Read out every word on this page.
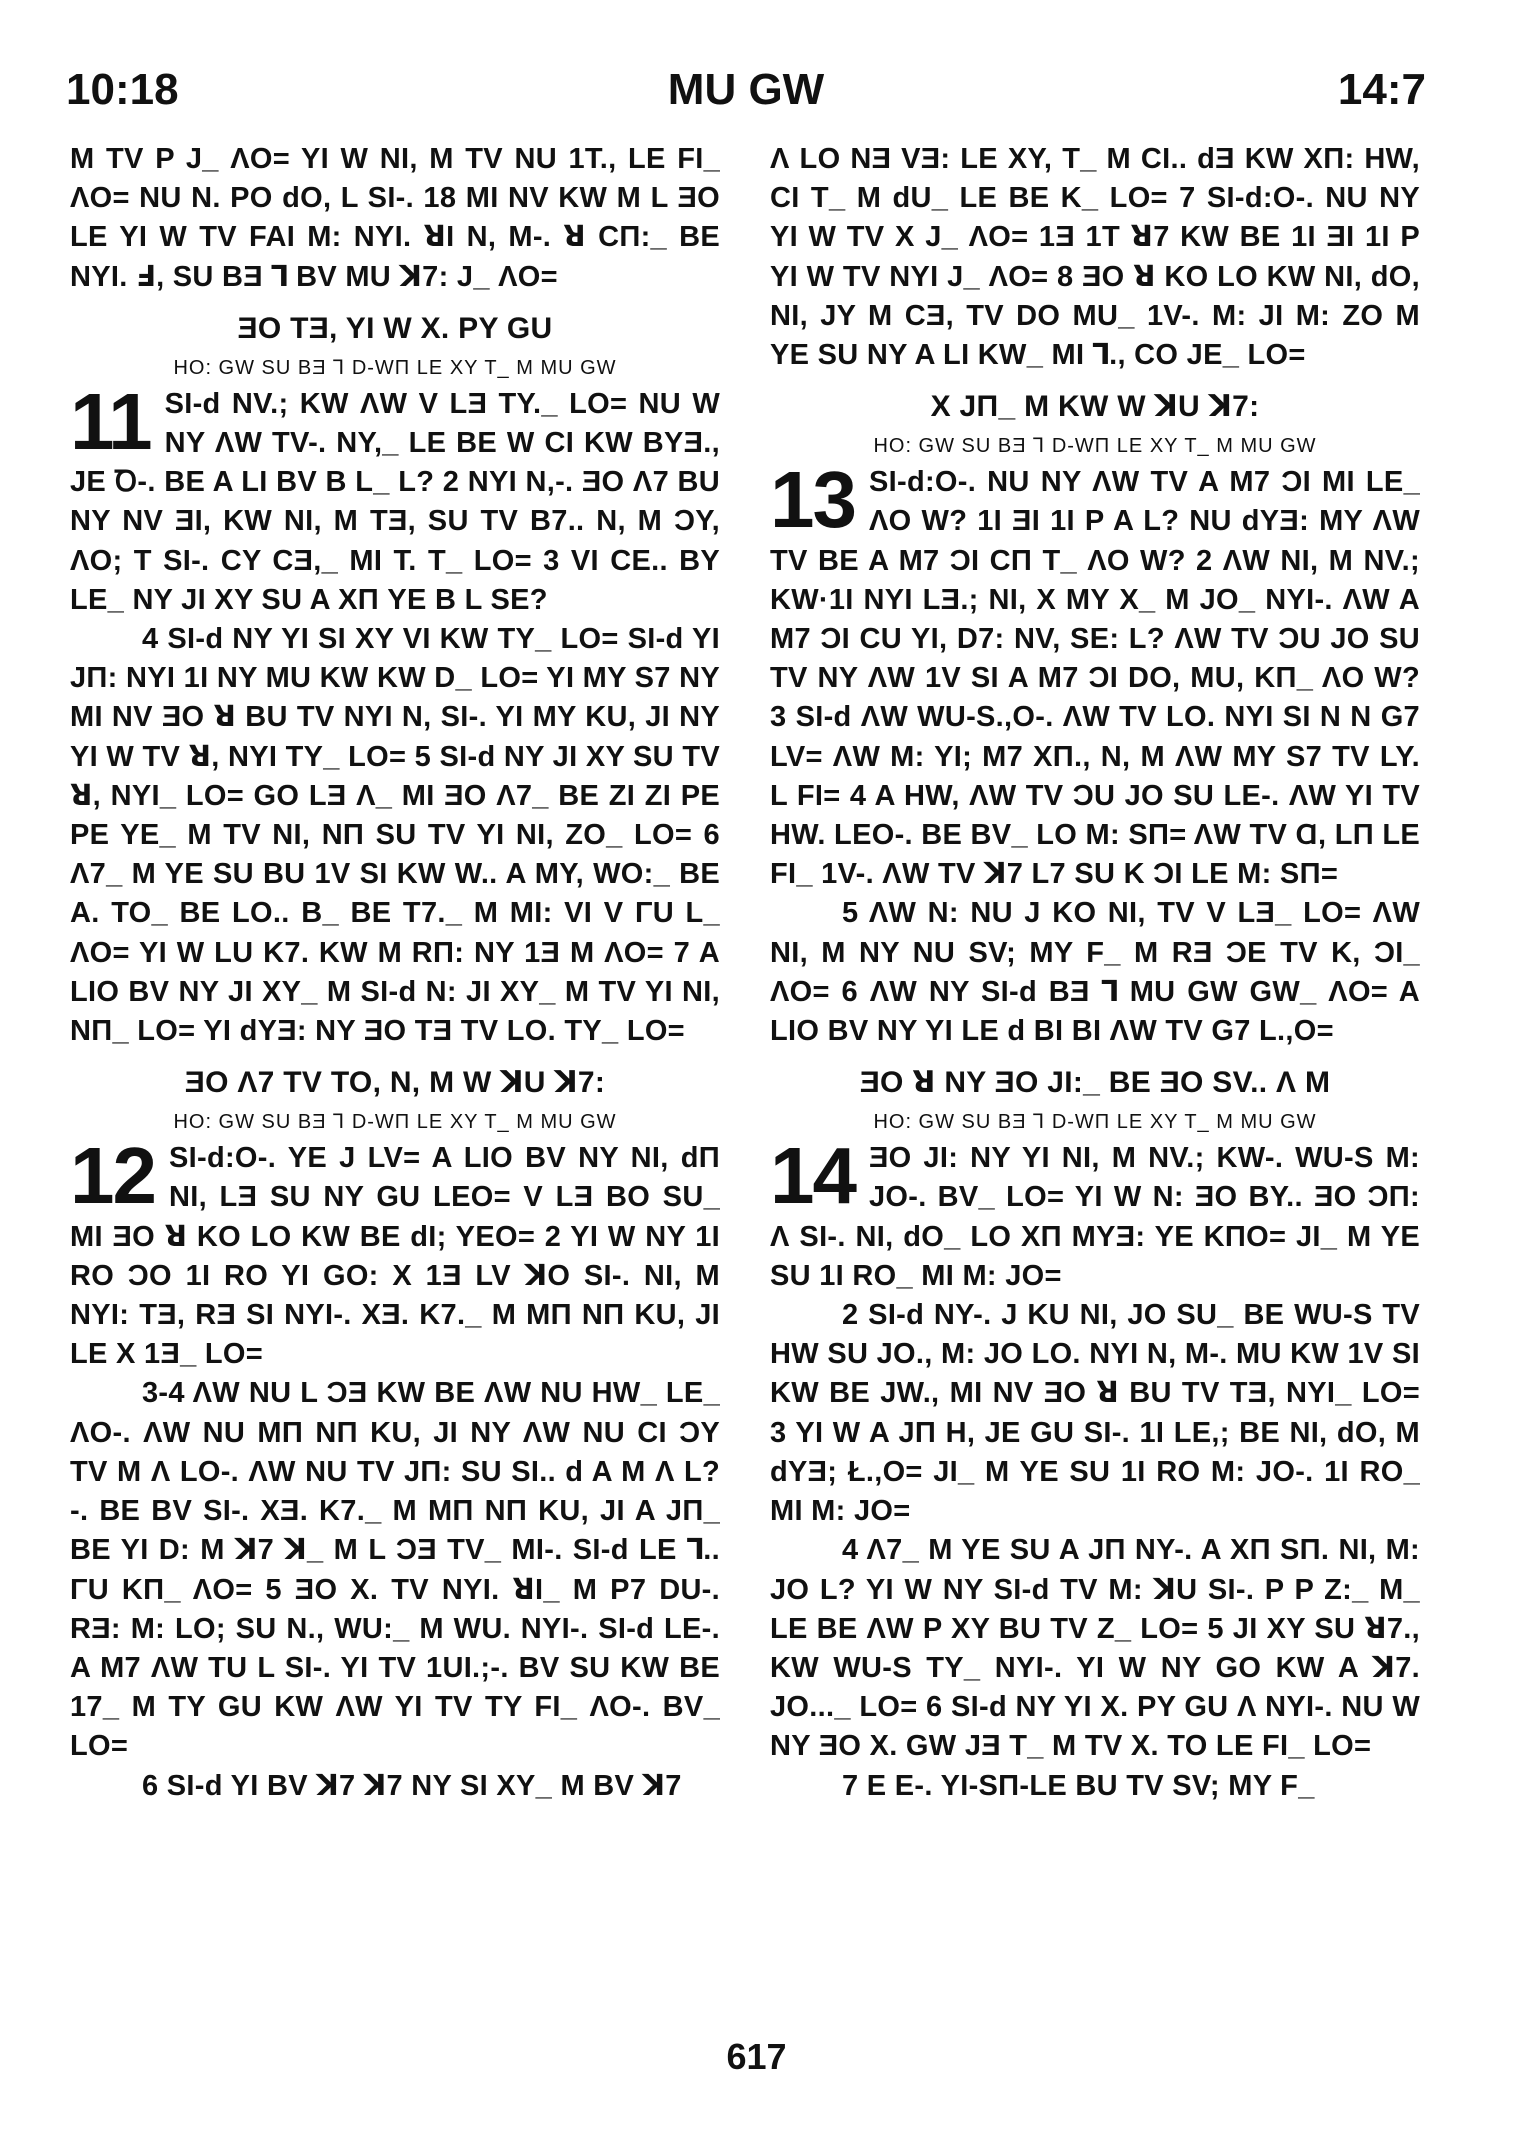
10:18	MU GW	14:7

M TV P J_ ΛO= YI W NI, M TV NU 1T., LE FI_ ΛO= NU N. PO dO, L SI-. 18 MI NV KW M L ƎO LE YI W TV FAI M: NYI. ꓤI N, M-. ꓤ CΠ:_ BE NYI. Ⅎ, SU BƎ ꓶ BV MU ꓘ7: J_ ΛO=

ƎO TƎ, YI W X. PY GU
HO: GW SU BƎ ꓶ D-WΠ LE XY T_ M MU GW

11 SI-d NV.; KW ΛW V LƎ TY._ LO= NU W NY ΛW TV-. NY,_ LE BE W CI KW BYƎ., JE Ꝺ-. BE A LI BV B L_ L? 2 NYI N,-. ƎO Λ7 BU NY NV ƎI, KW NI, M TƎ, SU TV B7.. N, M ƆY, ΛO; T SI-. CY CƎ,_ MI T. T_ LO= 3 VI CE.. BY LE_ NY JI XY SU A XΠ YE B L SE?

4 SI-d NY YI SI XY VI KW TY_ LO= SI-d YI JΠ: NYI 1I NY MU KW KW D_ LO= YI MY S7 NY MI NV ƎO ꓤ BU TV NYI N, SI-. YI MY KU, JI NY YI W TV ꓤ, NYI TY_ LO= 5 SI-d NY JI XY SU TV ꓤ, NYI_ LO= GO LƎ Λ_ MI ƎO Λ7_ BE ZI ZI PE PE YE_ M TV NI, NΠ SU TV YI NI, ZO_ LO= 6 Λ7_ M YE SU BU 1V SI KW W.. A MY, WO:_ BE A. TO_ BE LO.. B_ BE T7._ M MI: VI V ΓU L_ ΛO= YI W LU K7. KW M RΠ: NY 1Ǝ M ΛO= 7 A LIO BV NY JI XY_ M SI-d N: JI XY_ M TV YI NI, NΠ_ LO= YI dYƎ: NY ƎO TƎ TV LO. TY_ LO=

ƎO Λ7 TV TO, N, M W ꓘU ꓘ7:
HO: GW SU BƎ ꓶ D-WΠ LE XY T_ M MU GW

12 SI-d:O-. YE J LV= A LIO BV NY NI, dΠ NI, LƎ SU NY GU LEO= V LƎ BO SU_ MI ƎO ꓤ KO LO KW BE dI; YEO= 2 YI W NY 1I RO ƆO 1I RO YI GO: X 1Ǝ LV ꓘO SI-. NI, M NYI: TƎ, RƎ SI NYI-. XƎ. K7._ M MΠ NΠ KU, JI LE X 1Ǝ_ LO=

3-4 ΛW NU L ƆƎ KW BE ΛW NU HW_ LE_ ΛO-. ΛW NU MΠ NΠ KU, JI NY ΛW NU CI ƆY TV M Λ LO-. ΛW NU TV JΠ: SU SI.. d A M Λ L?-. BE BV SI-. XƎ. K7._ M MΠ NΠ KU, JI A JΠ_ BE YI D: M ꓘ7 ꓘ_ M L ƆƎ TV_ MI-. SI-d LE ꓶ.. ΓU KΠ_ ΛO= 5 ƎO X. TV NYI. ꓤI_ M P7 DU-. RƎ: M: LO; SU N., WU:_ M WU. NYI-. SI-d LE-. A M7 ΛW TU L SI-. YI TV 1UI.;-. BV SU KW BE 17_ M TY GU KW ΛW YI TV TY FI_ ΛO-. BV_ LO=

6 SI-d YI BV ꓘ7 ꓘ7 NY SI XY_ M BV ꓘ7

Λ LO NƎ VƎ: LE XY, T_ M CI.. dƎ KW XΠ: HW, CI T_ M dU_ LE BE K_ LO= 7 SI-d:O-. NU NY YI W TV X J_ ΛO= 1Ǝ 1T ꓤ7 KW BE 1I ƎI 1I P YI W TV NYI J_ ΛO= 8 ƎO ꓤ KO LO KW NI, dO, NI, JY M CƎ, TV DO MU_ 1V-. M: JI M: ZO M YE SU NY A LI KW_ MI ꓶ., CO JE_ LO=

X JΠ_ M KW W ꓘU ꓘ7:
HO: GW SU BƎ ꓶ D-WΠ LE XY T_ M MU GW

13 SI-d:O-. NU NY ΛW TV A M7 ƆI MI LE_ ΛO W? 1I ƎI 1I P A L? NU dYƎ: MY ΛW TV BE A M7 ƆI CΠ T_ ΛO W? 2 ΛW NI, M NV.; KW·1I NYI LƎ.; NI, X MY X_ M JO_ NYI-. ΛW A M7 ƆI CU YI, D7: NV, SE: L? ΛW TV ƆU JO SU TV NY ΛW 1V SI A M7 ƆI DO, MU, KΠ_ ΛO W? 3 SI-d ΛW WU-S.,O-. ΛW TV LO. NYI SI N N G7 LV= ΛW M: YI; M7 XΠ., N, M ΛW MY S7 TV LY. L FI= 4 A HW, ΛW TV ƆU JO SU LE-. ΛW YI TV HW. LEO-. BE BV_ LO M: SΠ= ΛW TV Ɑ, LΠ LE FI_ 1V-. ΛW TV ꓘ7 L7 SU K ƆI LE M: SΠ=

5 ΛW N: NU J KO NI, TV V LƎ_ LO= ΛW NI, M NY NU SV; MY F_ M RƎ ƆE TV K, ƆI_ ΛO= 6 ΛW NY SI-d BƎ ꓶ MU GW GW_ ΛO= A LIO BV NY YI LE d BI BI ΛW TV G7 L.,O=

ƎO ꓤ NY ƎO JI:_ BE ƎO SV.. Λ M
HO: GW SU BƎ ꓶ D-WΠ LE XY T_ M MU GW

14 ƎO JI: NY YI NI, M NV.; KW-. WU-S M: JO-. BV_ LO= YI W N: ƎO BY.. ƎO ƆΠ: Λ SI-. NI, dO_ LO XΠ MYƎ: YE KΠO= JI_ M YE SU 1I RO_ MI M: JO=

2 SI-d NY-. J KU NI, JO SU_ BE WU-S TV HW SU JO., M: JO LO. NYI N, M-. MU KW 1V SI KW BE JW., MI NV ƎO ꓤ BU TV TƎ, NYI_ LO= 3 YI W A JΠ H, JE GU SI-. 1I LE,; BE NI, dO, M dYƎ; Ł.,O= JI_ M YE SU 1I RO M: JO-. 1I RO_ MI M: JO=

4 Λ7_ M YE SU A JΠ NY-. A XΠ SΠ. NI, M: JO L? YI W NY SI-d TV M: ꓘU SI-. P P Z:_ M_ LE BE ΛW P XY BU TV Z_ LO= 5 JI XY SU ꓤ7., KW WU-S TY_ NYI-. YI W NY GO KW A ꓘ7. JO..._ LO= 6 SI-d NY YI X. PY GU Λ NYI-. NU W NY ƎO X. GW JƎ T_ M TV X. TO LE FI_ LO=

7 E E-. YI-SΠ-LE BU TV SV; MY F_

617
